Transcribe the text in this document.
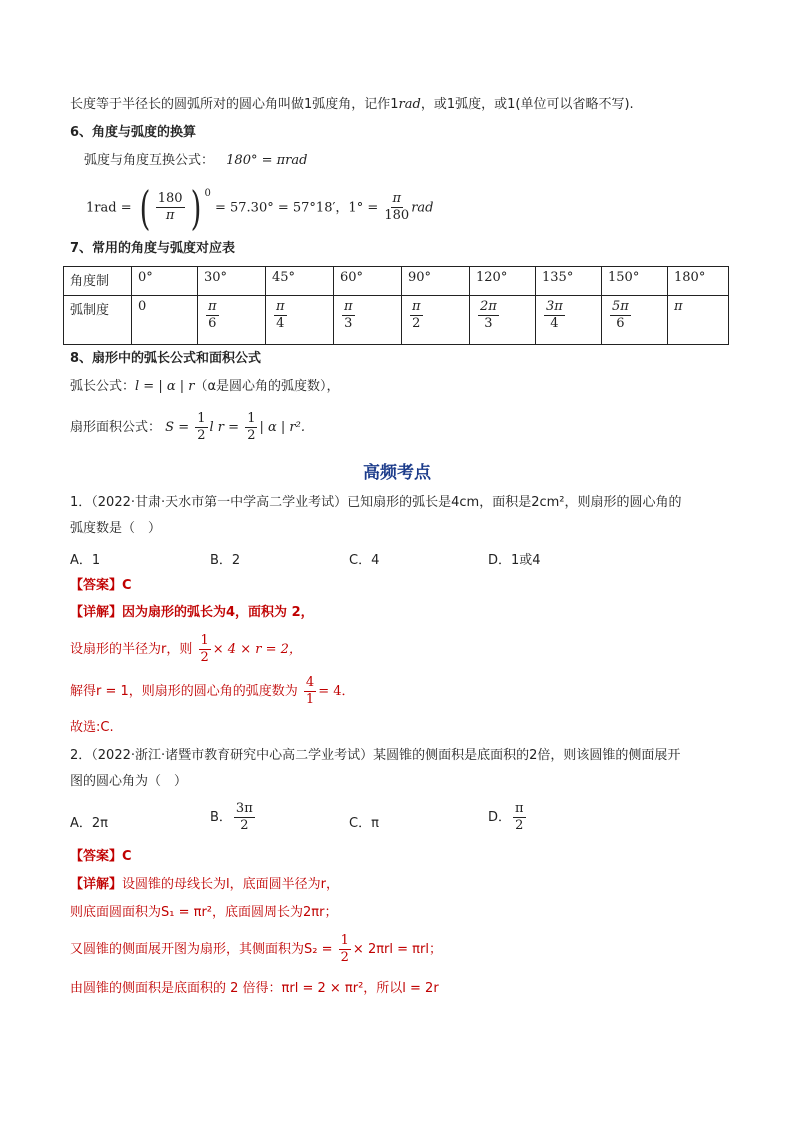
长度等于半径长的圆弧所对的圆心角叫做1弧度角，记作1rad，或1弧度，或1(单位可以省略不写).
6、角度与弧度的换算
弧度与角度互换公式： 180° = πrad
1rad = ( $\frac{180}{\pi}$ ) $^0$ = 57.30° = 57°18′，$1^\circ = \frac{\pi}{180}$ rad
7、常用的角度与弧度对应表
角度制	0°	30°	45°	60°	90°	120°	135°	150°	180°
弧制度	0	$\frac{\pi}{6}$	$\frac{\pi}{4}$	$\frac{\pi}{3}$	$\frac{\pi}{2}$	$\frac{2\pi}{3}$	$\frac{3\pi}{4}$	$\frac{5\pi}{6}$	π
8、扇形中的弧长公式和面积公式
弧长公式：l = | α | r（α是圆心角的弧度数），
扇形面积公式： $S = \frac{1}{2}$ l $r = \frac{1}{2}$ | α | r².
高频考点
1．（2022·甘肃·天水市第一中学高二学业考试）已知扇形的弧长是4cm，面积是2cm²，则扇形的圆心角的
弧度数是（　）
A．1	B．2	C．4	D．1或4
【答案】C
【详解】因为扇形的弧长为4，面积为 2，
设扇形的半径为r，则 $\frac{1}{2} \times 4 \times r = 2$，
解得r = 1，则扇形的圆心角的弧度数为 $\frac{4}{1} = 4$．
故选:C.
2．（2022·浙江·诸暨市教育研究中心高二学业考试）某圆锥的侧面积是底面积的2倍，则该圆锥的侧面展开
图的圆心角为（　）
A．2π	B． $\frac{3\pi}{2}$	C．π	D． $\frac{\pi}{2}$
【答案】C
【详解】设圆锥的母线长为l，底面圆半径为r，
则底面圆面积为S₁ = πr²，底面圆周长为2πr；
又圆锥的侧面展开图为扇形，其侧面积为$S_2 = \frac{1}{2} \times 2\pi rl = \pi rl$；
由圆锥的侧面积是底面积的 2 倍得：πrl = 2 × πr²，所以l = 2r
